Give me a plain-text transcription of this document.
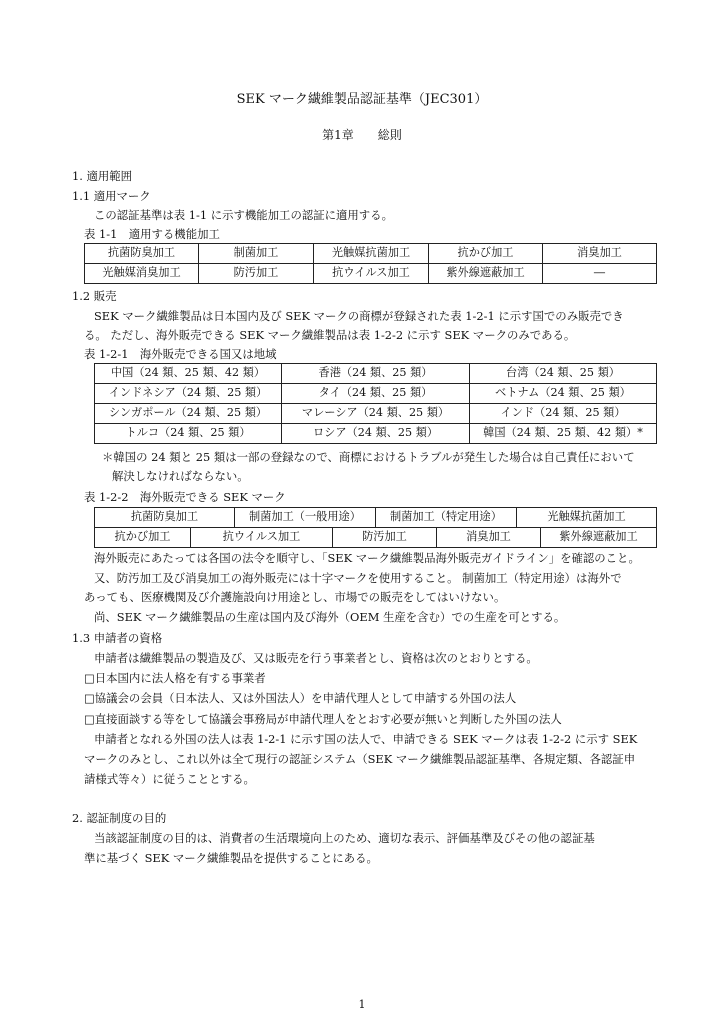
SEK マーク繊維製品認証基準（JEC301）
第1章　　総則
1. 適用範囲
1.1 適用マーク
この認証基準は表 1-1 に示す機能加工の認証に適用する。
表 1-1　適用する機能加工
抗菌防臭加工	制菌加工	光触媒抗菌加工	抗かび加工	消臭加工
光触媒消臭加工	防汚加工	抗ウイルス加工	紫外線遮蔽加工	―
1.2 販売
SEK マーク繊維製品は日本国内及び SEK マークの商標が登録された表 1-2-1 に示す国でのみ販売でき
る。 ただし、海外販売できる SEK マーク繊維製品は表 1-2-2 に示す SEK マークのみである。
表 1-2-1　海外販売できる国又は地域
中国（24 類、25 類、42 類）	香港（24 類、25 類）	台湾（24 類、25 類）
インドネシア（24 類、25 類）	タイ（24 類、25 類）	ベトナム（24 類、25 類）
シンガポール（24 類、25 類）	マレーシア（24 類、25 類）	インド（24 類、25 類）
トルコ（24 類、25 類）	ロシア（24 類、25 類）	韓国（24 類、25 類、42 類）*
＊韓国の 24 類と 25 類は一部の登録なので、商標におけるトラブルが発生した場合は自己責任において
解決しなければならない。
表 1-2-2　海外販売できる SEK マーク
抗菌防臭加工	制菌加工（一般用途）	制菌加工（特定用途）	光触媒抗菌加工
抗かび加工	抗ウイルス加工	防汚加工	消臭加工	紫外線遮蔽加工
海外販売にあたっては各国の法令を順守し、「SEK マーク繊維製品海外販売ガイドライン」を確認のこと。
又、防汚加工及び消臭加工の海外販売には十字マークを使用すること。 制菌加工（特定用途）は海外で
あっても、医療機関及び介護施設向け用途とし、市場での販売をしてはいけない。
尚、SEK マーク繊維製品の生産は国内及び海外（OEM 生産を含む）での生産を可とする。
1.3 申請者の資格
申請者は繊維製品の製造及び、又は販売を行う事業者とし、資格は次のとおりとする。
□日本国内に法人格を有する事業者
□協議会の会員（日本法人、又は外国法人）を申請代理人として申請する外国の法人
□直接面談する等をして協議会事務局が申請代理人をとおす必要が無いと判断した外国の法人
申請者となれる外国の法人は表 1-2-1 に示す国の法人で、申請できる SEK マークは表 1-2-2 に示す SEK
マークのみとし、これ以外は全て現行の認証システム（SEK マーク繊維製品認証基準、各規定類、各認証申
請様式等々）に従うこととする。
2. 認証制度の目的
当該認証制度の目的は、消費者の生活環境向上のため、適切な表示、評価基準及びその他の認証基
準に基づく SEK マーク繊維製品を提供することにある。
1
